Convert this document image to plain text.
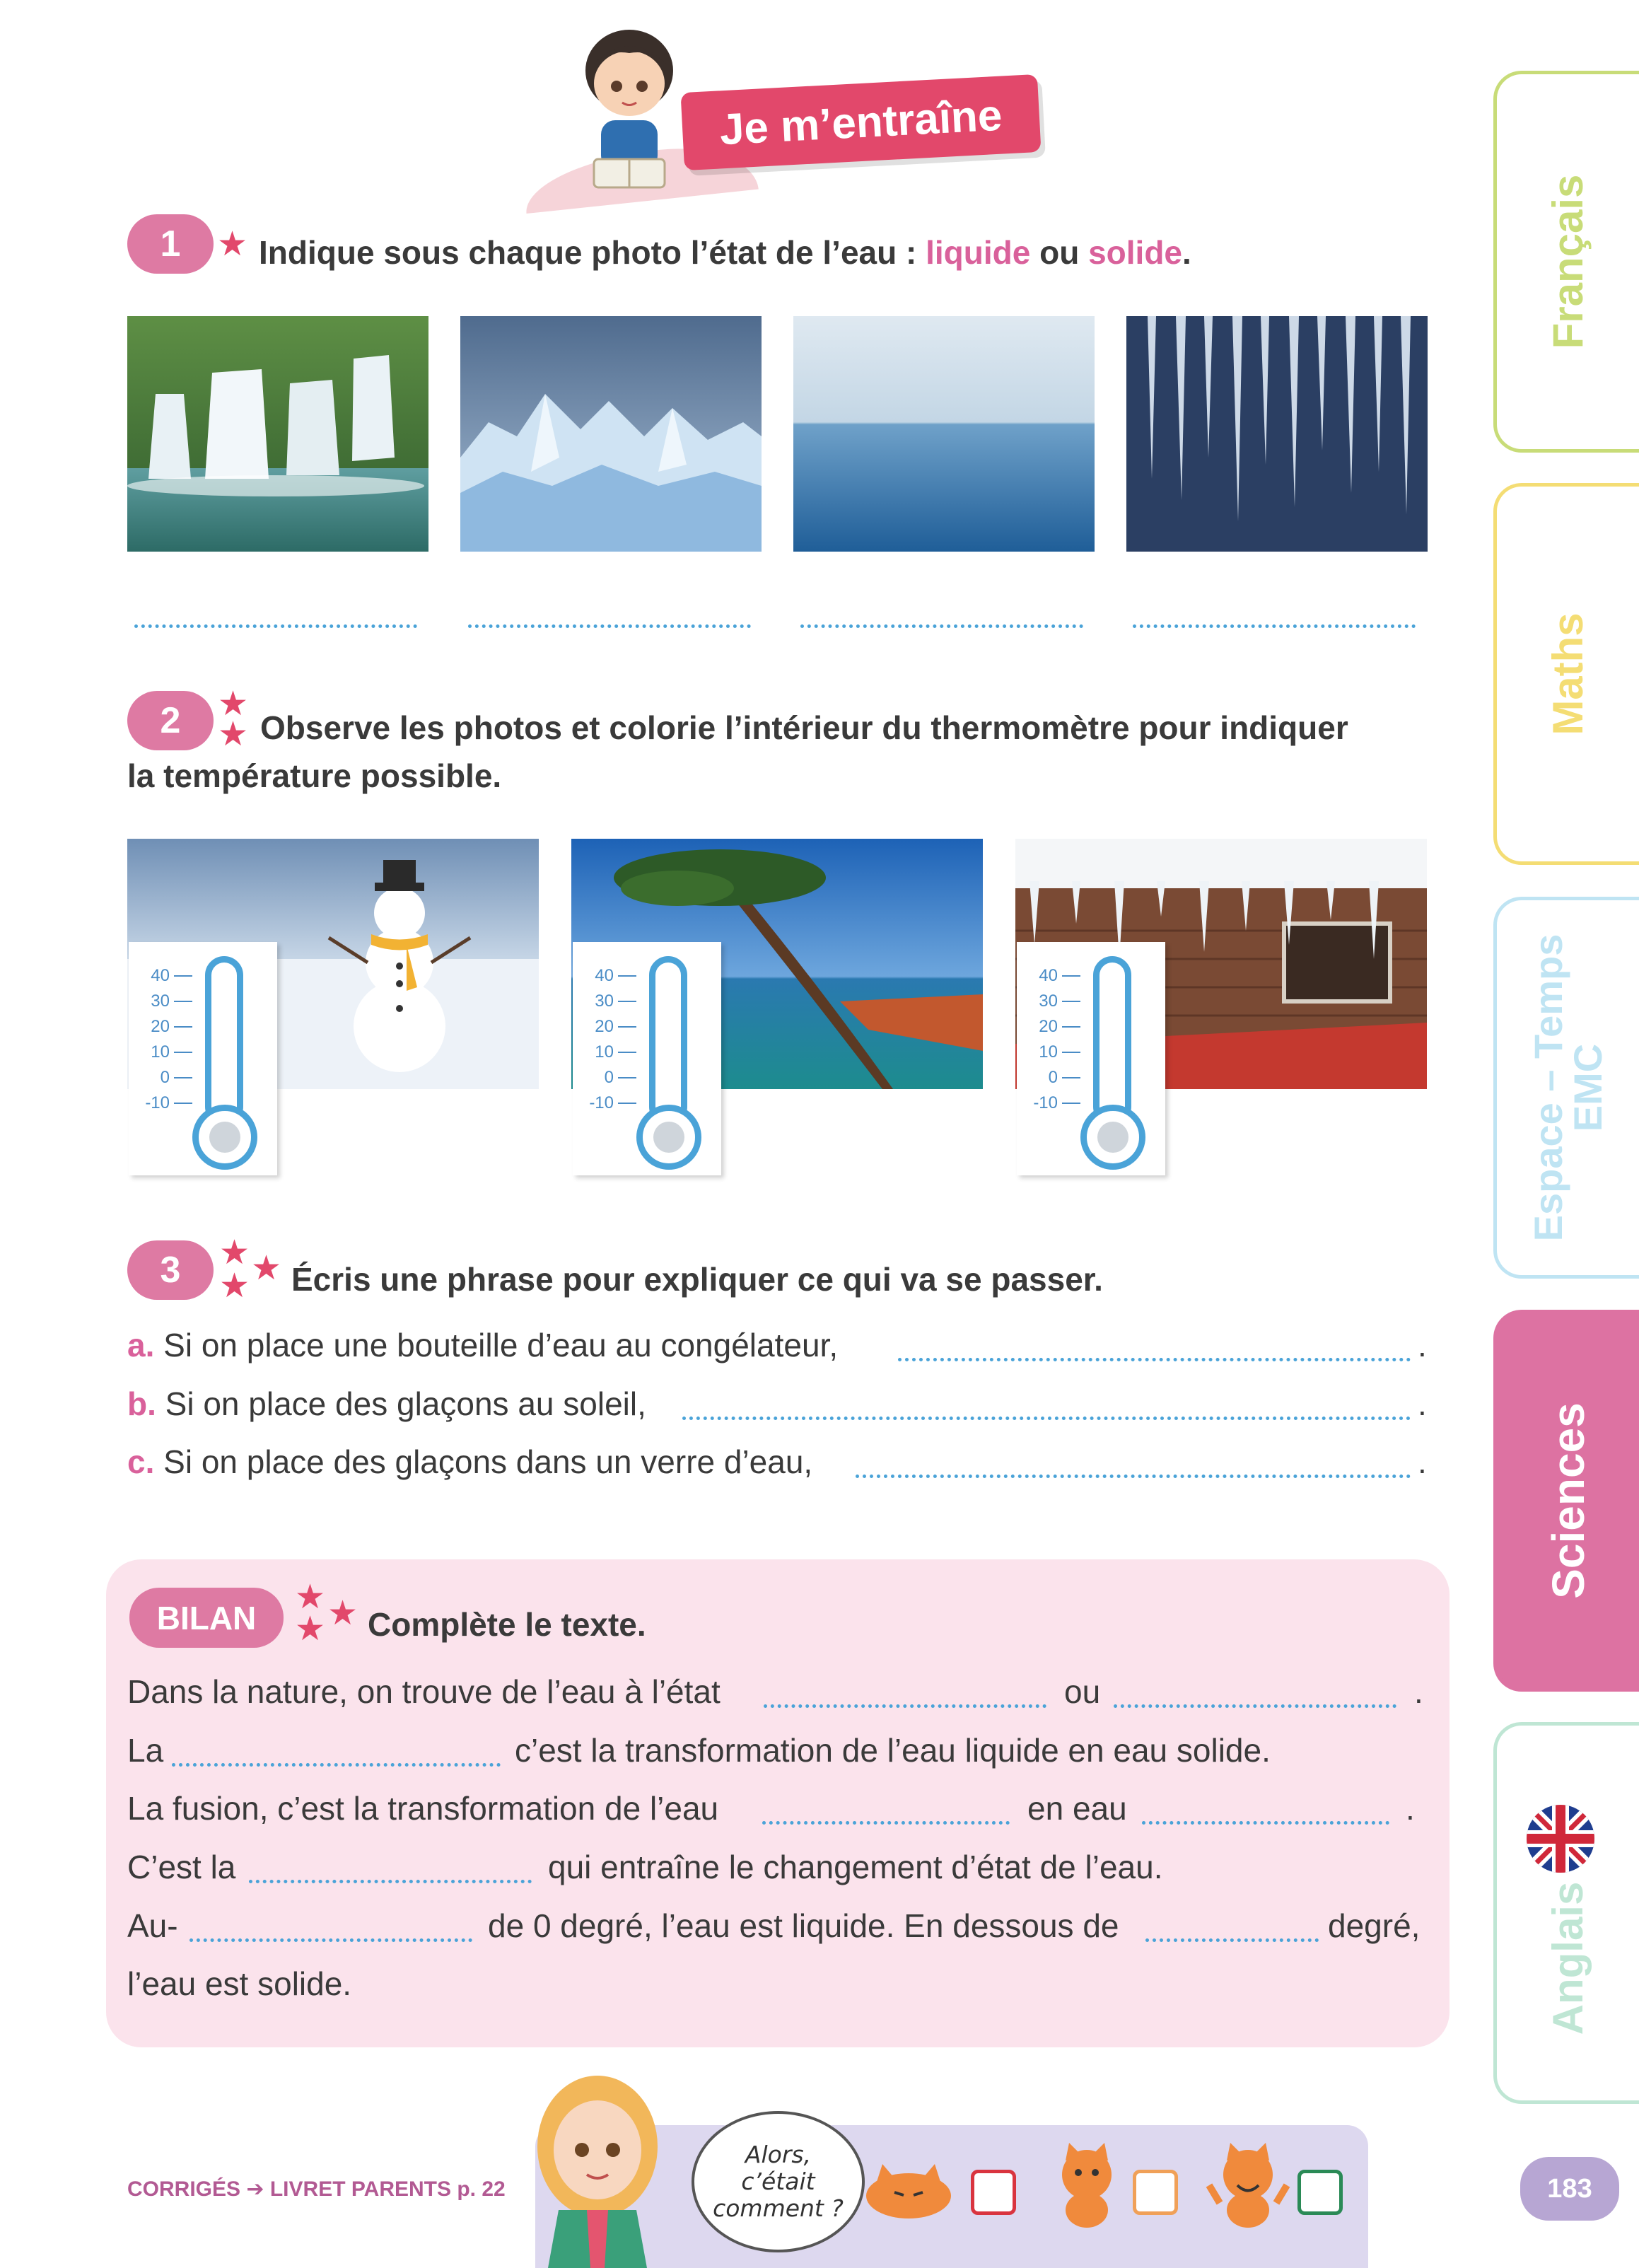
Je m’entraîne
1	★ Indique sous chaque photo l’état de l’eau : liquide ou solide.
2	★
★ Observe les photos et colorie l’intérieur du thermomètre pour indiquer
la température possible.
40
30
20
10
0
-10
40
30
20
10
0
-10
40
30
20
10
0
-10
3	★ ★
★ Écris une phrase pour expliquer ce qui va se passer.
a. Si on place une bouteille d’eau au congélateur,	.
b. Si on place des glaçons au soleil,	.
c. Si on place des glaçons dans un verre d’eau,	.
BILAN
★ ★
★ Complète le texte.
Dans la nature, on trouve de l’eau à l’état	ou	.
La	c’est la transformation de l’eau liquide en eau solide.
La fusion, c’est la transformation de l’eau	en eau	.
C’est la	qui entraîne le changement d’état de l’eau.
Au-	de 0 degré, l’eau est liquide. En dessous de	degré,
l’eau est solide.
Français
Maths
Espace – Temps
EMC
Sciences
Anglais
CORRIGÉS ➔ LIVRET PARENTS p. 22
Alors,
c’était
comment ?
183
